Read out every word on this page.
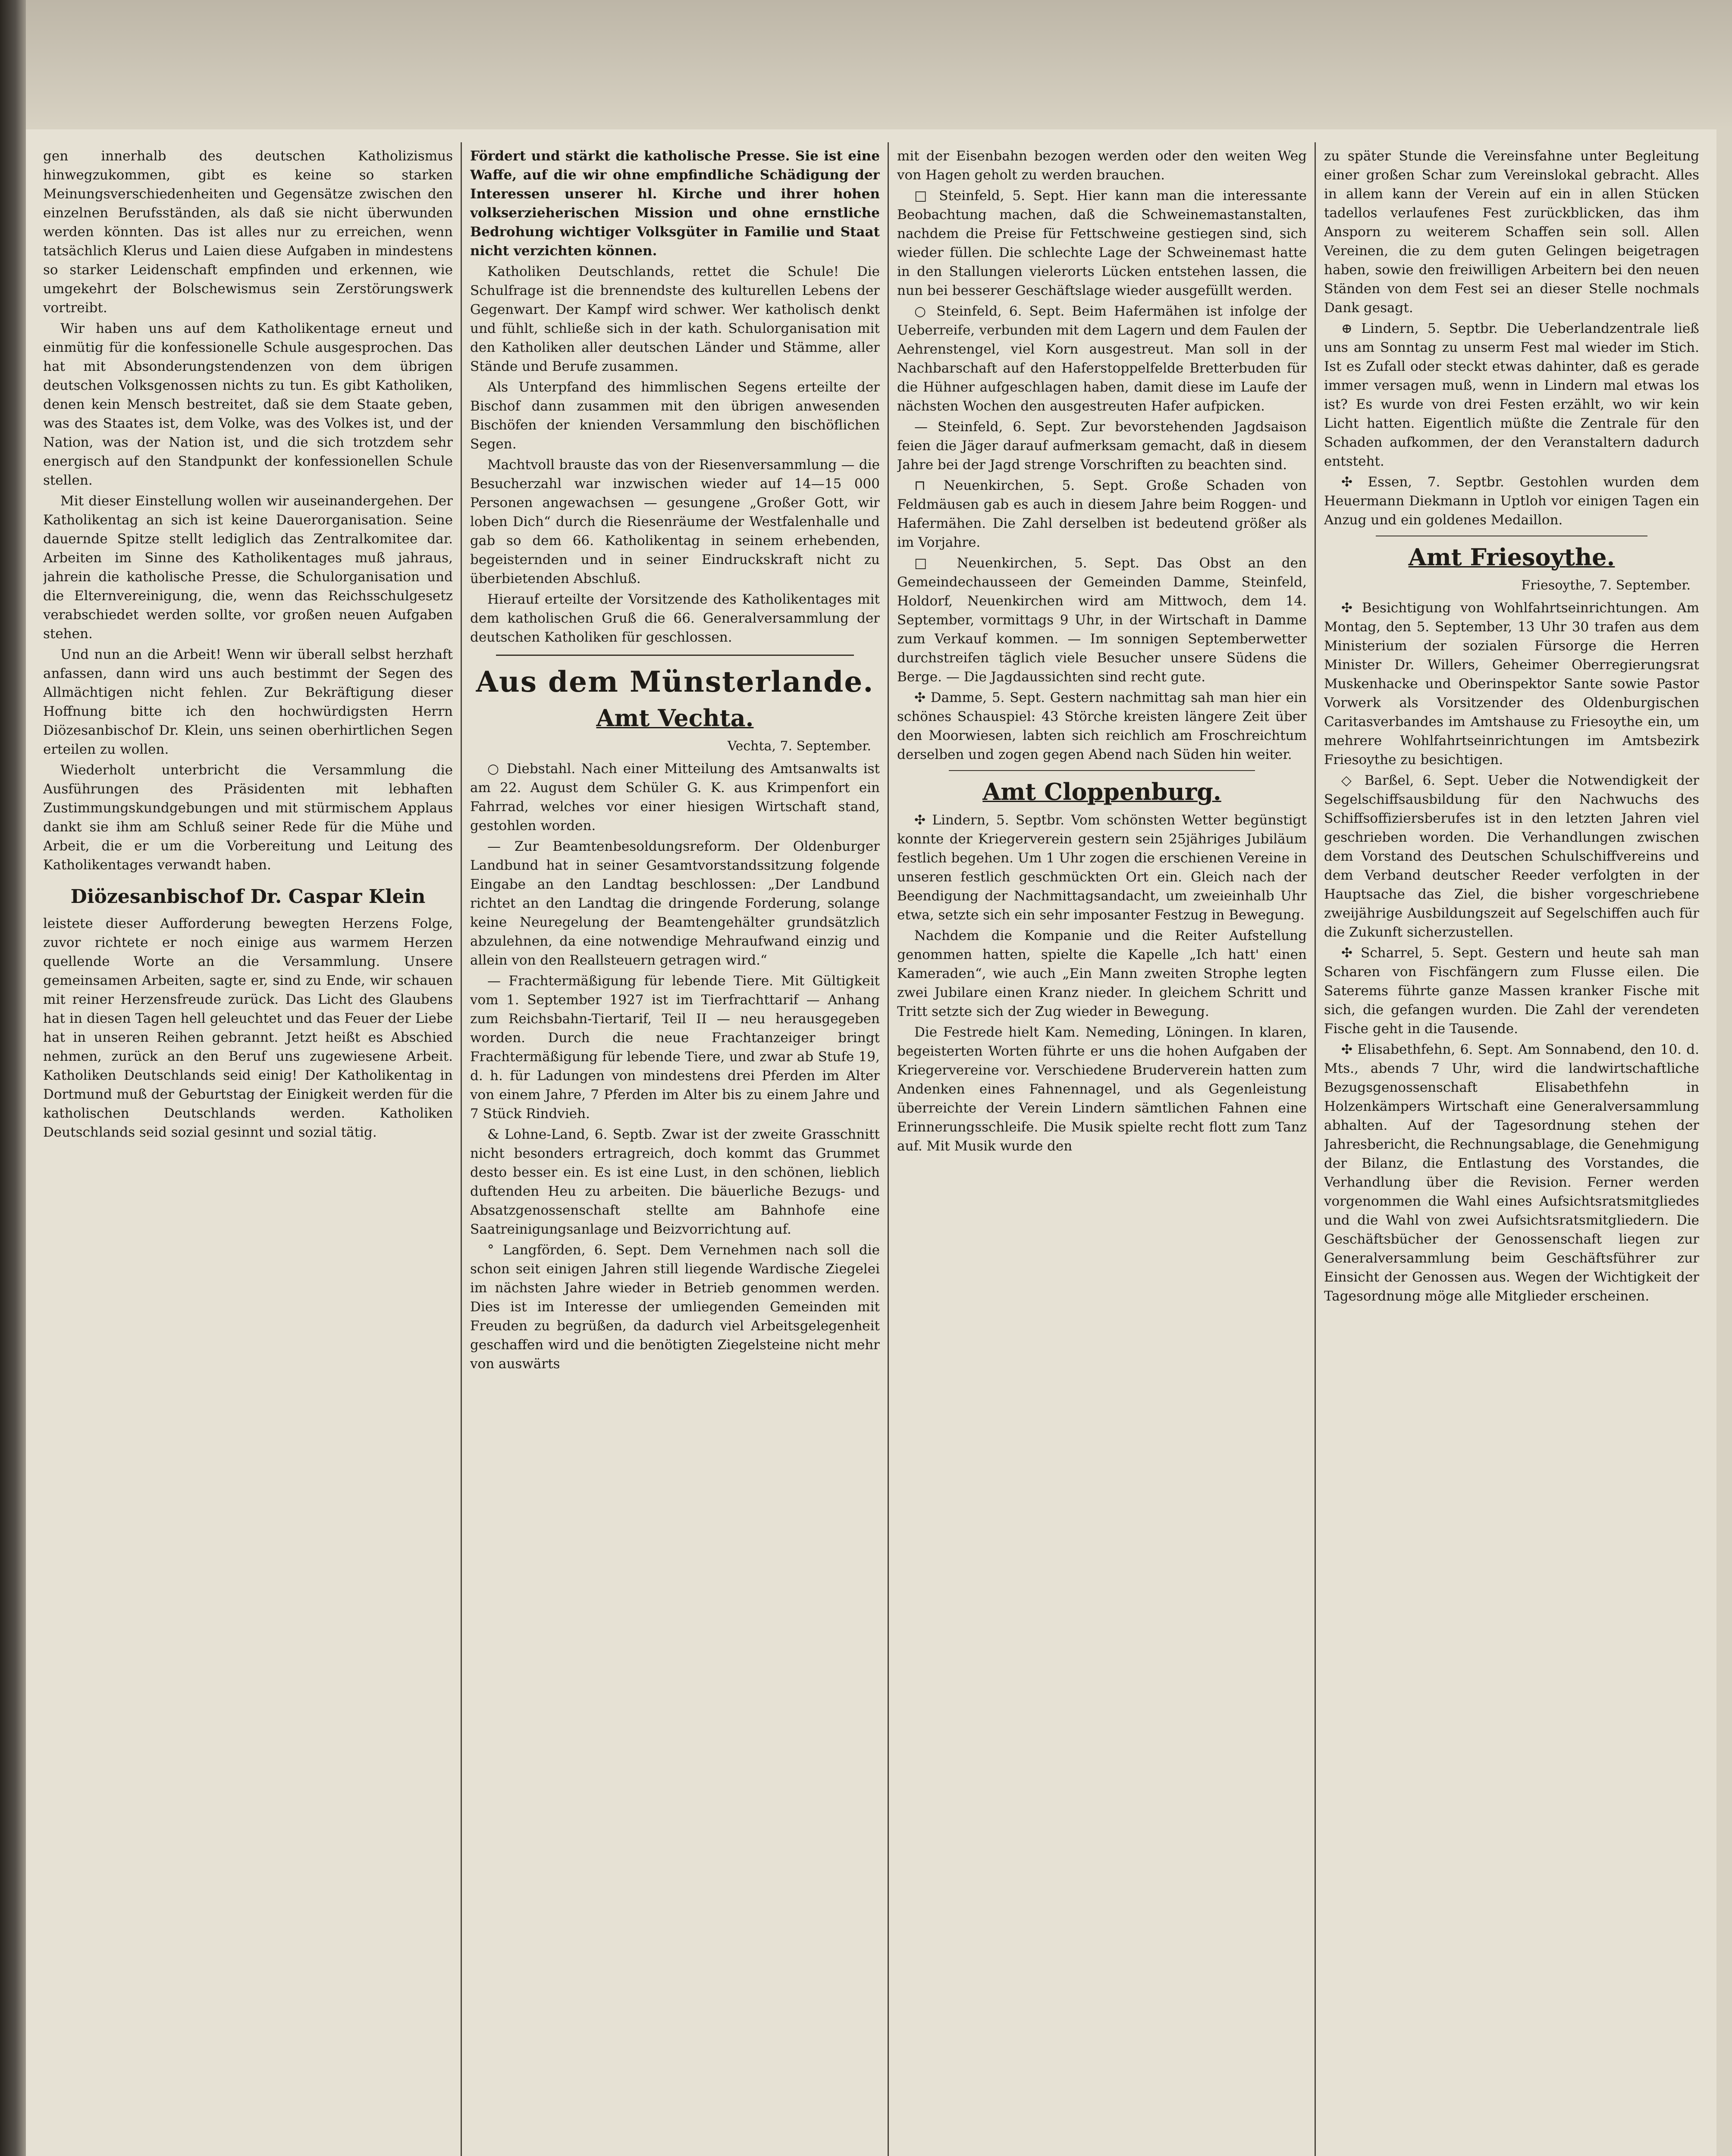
gen innerhalb des deutschen Katholizismus hinwegzukommen, gibt es keine so starken Meinungsverschiedenheiten und Gegensätze zwischen den einzelnen Berufsständen, als daß sie nicht überwunden werden könnten. Das ist alles nur zu erreichen, wenn tatsächlich Klerus und Laien diese Aufgaben in mindestens so starker Leidenschaft empfinden und erkennen, wie umgekehrt der Bolschewismus sein Zerstörungswerk vortreibt.

Wir haben uns auf dem Katholikentage erneut und einmütig für die konfessionelle Schule ausgesprochen. Das hat mit Absonderungstendenzen von dem übrigen deutschen Volksgenossen nichts zu tun. Es gibt Katholiken, denen kein Mensch bestreitet, daß sie dem Staate geben, was des Staates ist, dem Volke, was des Volkes ist, und der Nation, was der Nation ist, und die sich trotzdem sehr energisch auf den Standpunkt der konfessionellen Schule stellen.

Mit dieser Einstellung wollen wir auseinandergehen. Der Katholikentag an sich ist keine Dauerorganisation. Seine dauernde Spitze stellt lediglich das Zentralkomitee dar. Arbeiten im Sinne des Katholikentages muß jahraus, jahrein die katholische Presse, die Schulorganisation und die Elternvereinigung, die, wenn das Reichsschulgesetz verabschiedet werden sollte, vor großen neuen Aufgaben stehen.

Und nun an die Arbeit! Wenn wir überall selbst herzhaft anfassen, dann wird uns auch bestimmt der Segen des Allmächtigen nicht fehlen. Zur Bekräftigung dieser Hoffnung bitte ich den hochwürdigsten Herrn Diözesanbischof Dr. Klein, uns seinen oberhirtlichen Segen erteilen zu wollen.

Wiederholt unterbricht die Versammlung die Ausführungen des Präsidenten mit lebhaften Zustimmungskundgebungen und mit stürmischem Applaus dankt sie ihm am Schluß seiner Rede für die Mühe und Arbeit, die er um die Vorbereitung und Leitung des Katholikentages verwandt haben.

Diözesanbischof Dr. Caspar Klein

leistete dieser Aufforderung bewegten Herzens Folge, zuvor richtete er noch einige aus warmem Herzen quellende Worte an die Versammlung. Unsere gemeinsamen Arbeiten, sagte er, sind zu Ende, wir schauen mit reiner Herzensfreude zurück. Das Licht des Glaubens hat in diesen Tagen hell geleuchtet und das Feuer der Liebe hat in unseren Reihen gebrannt. Jetzt heißt es Abschied nehmen, zurück an den Beruf uns zugewiesene Arbeit. Katholiken Deutschlands seid einig! Der Katholikentag in Dortmund muß der Geburtstag der Einigkeit werden für die katholischen Deutschlands werden. Katholiken Deutschlands seid sozial gesinnt und sozial tätig.

Fördert und stärkt die katholische Presse. Sie ist eine Waffe, auf die wir ohne empfindliche Schädigung der Interessen unserer hl. Kirche und ihrer hohen volkserzieherischen Mission und ohne ernstliche Bedrohung wichtiger Volksgüter in Familie und Staat nicht verzichten können.

Katholiken Deutschlands, rettet die Schule! Die Schulfrage ist die brennendste des kulturellen Lebens der Gegenwart. Der Kampf wird schwer. Wer katholisch denkt und fühlt, schließe sich in der kath. Schulorganisation mit den Katholiken aller deutschen Länder und Stämme, aller Stände und Berufe zusammen.

Als Unterpfand des himmlischen Segens erteilte der Bischof dann zusammen mit den übrigen anwesenden Bischöfen der knienden Versammlung den bischöflichen Segen.

Machtvoll brauste das von der Riesenversammlung — die Besucherzahl war inzwischen wieder auf 14—15 000 Personen angewachsen — gesungene „Großer Gott, wir loben Dich“ durch die Riesenräume der Westfalenhalle und gab so dem 66. Katholikentag in seinem erhebenden, begeisternden und in seiner Eindruckskraft nicht zu überbietenden Abschluß.

Hierauf erteilte der Vorsitzende des Katholikentages mit dem katholischen Gruß die 66. Generalversammlung der deutschen Katholiken für geschlossen.

Aus dem Münsterlande.
Amt Vechta.
Vechta, 7. September.

○ Diebstahl. Nach einer Mitteilung des Amtsanwalts ist am 22. August dem Schüler G. K. aus Krimpenfort ein Fahrrad, welches vor einer hiesigen Wirtschaft stand, gestohlen worden.

— Zur Beamtenbesoldungsreform. Der Oldenburger Landbund hat in seiner Gesamtvorstandssitzung folgende Eingabe an den Landtag beschlossen: „Der Landbund richtet an den Landtag die dringende Forderung, solange keine Neuregelung der Beamtengehälter grundsätzlich abzulehnen, da eine notwendige Mehraufwand einzig und allein von den Reallsteuern getragen wird.“

— Frachtermäßigung für lebende Tiere. Mit Gültigkeit vom 1. September 1927 ist im Tierfrachttarif — Anhang zum Reichsbahn-Tiertarif, Teil II — neu herausgegeben worden. Durch die neue Frachtanzeiger bringt Frachtermäßigung für lebende Tiere, und zwar ab Stufe 19, d. h. für Ladungen von mindestens drei Pferden im Alter von einem Jahre, 7 Pferden im Alter bis zu einem Jahre und 7 Stück Rindvieh.

& Lohne-Land, 6. Septb. Zwar ist der zweite Grasschnitt nicht besonders ertragreich, doch kommt das Grummet desto besser ein. Es ist eine Lust, in den schönen, lieblich duftenden Heu zu arbeiten. Die bäuerliche Bezugs- und Absatzgenossenschaft stellte am Bahnhofe eine Saatreinigungsanlage und Beizvorrichtung auf.

° Langförden, 6. Sept. Dem Vernehmen nach soll die schon seit einigen Jahren still liegende Wardische Ziegelei im nächsten Jahre wieder in Betrieb genommen werden. Dies ist im Interesse der umliegenden Gemeinden mit Freuden zu begrüßen, da dadurch viel Arbeitsgelegenheit geschaffen wird und die benötigten Ziegelsteine nicht mehr von auswärts

mit der Eisenbahn bezogen werden oder den weiten Weg von Hagen geholt zu werden brauchen.

□ Steinfeld, 5. Sept. Hier kann man die interessante Beobachtung machen, daß die Schweinemastanstalten, nachdem die Preise für Fettschweine gestiegen sind, sich wieder füllen. Die schlechte Lage der Schweinemast hatte in den Stallungen vielerorts Lücken entstehen lassen, die nun bei besserer Geschäftslage wieder ausgefüllt werden.

○ Steinfeld, 6. Sept. Beim Hafermähen ist infolge der Ueberreife, verbunden mit dem Lagern und dem Faulen der Aehrenstengel, viel Korn ausgestreut. Man soll in der Nachbarschaft auf den Haferstoppelfelde Bretterbuden für die Hühner aufgeschlagen haben, damit diese im Laufe der nächsten Wochen den ausgestreuten Hafer aufpicken.

— Steinfeld, 6. Sept. Zur bevorstehenden Jagdsaison feien die Jäger darauf aufmerksam gemacht, daß in diesem Jahre bei der Jagd strenge Vorschriften zu beachten sind.

⊓ Neuenkirchen, 5. Sept. Große Schaden von Feldmäusen gab es auch in diesem Jahre beim Roggen- und Hafermähen. Die Zahl derselben ist bedeutend größer als im Vorjahre.

□ Neuenkirchen, 5. Sept. Das Obst an den Gemeindechausseen der Gemeinden Damme, Steinfeld, Holdorf, Neuenkirchen wird am Mittwoch, dem 14. September, vormittags 9 Uhr, in der Wirtschaft in Damme zum Verkauf kommen. — Im sonnigen Septemberwetter durchstreifen täglich viele Besucher unsere Südens die Berge. — Die Jagdaussichten sind recht gute.

✣ Damme, 5. Sept. Gestern nachmittag sah man hier ein schönes Schauspiel: 43 Störche kreisten längere Zeit über den Moorwiesen, labten sich reichlich am Froschreichtum derselben und zogen gegen Abend nach Süden hin weiter.

Amt Cloppenburg.

✣ Lindern, 5. Septbr. Vom schönsten Wetter begünstigt konnte der Kriegerverein gestern sein 25jähriges Jubiläum festlich begehen. Um 1 Uhr zogen die erschienen Vereine in unseren festlich geschmückten Ort ein. Gleich nach der Beendigung der Nachmittagsandacht, um zweieinhalb Uhr etwa, setzte sich ein sehr imposanter Festzug in Bewegung.

Nachdem die Kompanie und die Reiter Aufstellung genommen hatten, spielte die Kapelle „Ich hatt' einen Kameraden“, wie auch „Ein Mann zweiten Strophe legten zwei Jubilare einen Kranz nieder. In gleichem Schritt und Tritt setzte sich der Zug wieder in Bewegung.

Die Festrede hielt Kam. Nemeding, Löningen. In klaren, begeisterten Worten führte er uns die hohen Aufgaben der Kriegervereine vor. Verschiedene Bruderverein hatten zum Andenken eines Fahnennagel, und als Gegenleistung überreichte der Verein Lindern sämtlichen Fahnen eine Erinnerungsschleife. Die Musik spielte recht flott zum Tanz auf. Mit Musik wurde den

zu später Stunde die Vereinsfahne unter Begleitung einer großen Schar zum Vereinslokal gebracht. Alles in allem kann der Verein auf ein in allen Stücken tadellos verlaufenes Fest zurückblicken, das ihm Ansporn zu weiterem Schaffen sein soll. Allen Vereinen, die zu dem guten Gelingen beigetragen haben, sowie den freiwilligen Arbeitern bei den neuen Ständen von dem Fest sei an dieser Stelle nochmals Dank gesagt.

⊕ Lindern, 5. Septbr. Die Ueberlandzentrale ließ uns am Sonntag zu unserm Fest mal wieder im Stich. Ist es Zufall oder steckt etwas dahinter, daß es gerade immer versagen muß, wenn in Lindern mal etwas los ist? Es wurde von drei Festen erzählt, wo wir kein Licht hatten. Eigentlich müßte die Zentrale für den Schaden aufkommen, der den Veranstaltern dadurch entsteht.

✣ Essen, 7. Septbr. Gestohlen wurden dem Heuermann Diekmann in Uptloh vor einigen Tagen ein Anzug und ein goldenes Medaillon.

Amt Friesoythe.
Friesoythe, 7. September.

✣ Besichtigung von Wohlfahrtseinrichtungen. Am Montag, den 5. September, 13 Uhr 30 trafen aus dem Ministerium der sozialen Fürsorge die Herren Minister Dr. Willers, Geheimer Oberregierungsrat Muskenhacke und Oberinspektor Sante sowie Pastor Vorwerk als Vorsitzender des Oldenburgischen Caritasverbandes im Amtshause zu Friesoythe ein, um mehrere Wohlfahrtseinrichtungen im Amtsbezirk Friesoythe zu besichtigen.

◇ Barßel, 6. Sept. Ueber die Notwendigkeit der Segelschiffsausbildung für den Nachwuchs des Schiffsoffiziersberufes ist in den letzten Jahren viel geschrieben worden. Die Verhandlungen zwischen dem Vorstand des Deutschen Schulschiffvereins und dem Verband deutscher Reeder verfolgten in der Hauptsache das Ziel, die bisher vorgeschriebene zweijährige Ausbildungszeit auf Segelschiffen auch für die Zukunft sicherzustellen.

✣ Scharrel, 5. Sept. Gestern und heute sah man Scharen von Fischfängern zum Flusse eilen. Die Saterems führte ganze Massen kranker Fische mit sich, die gefangen wurden. Die Zahl der verendeten Fische geht in die Tausende.

✣ Elisabethfehn, 6. Sept. Am Sonnabend, den 10. d. Mts., abends 7 Uhr, wird die landwirtschaftliche Bezugsgenossenschaft Elisabethfehn in Holzenkämpers Wirtschaft eine Generalversammlung abhalten. Auf der Tagesordnung stehen der Jahresbericht, die Rechnungsablage, die Genehmigung der Bilanz, die Entlastung des Vorstandes, die Verhandlung über die Revision. Ferner werden vorgenommen die Wahl eines Aufsichtsratsmitgliedes und die Wahl von zwei Aufsichtsratsmitgliedern. Die Geschäftsbücher der Genossenschaft liegen zur Generalversammlung beim Geschäftsführer zur Einsicht der Genossen aus. Wegen der Wichtigkeit der Tagesordnung möge alle Mitglieder erscheinen.
